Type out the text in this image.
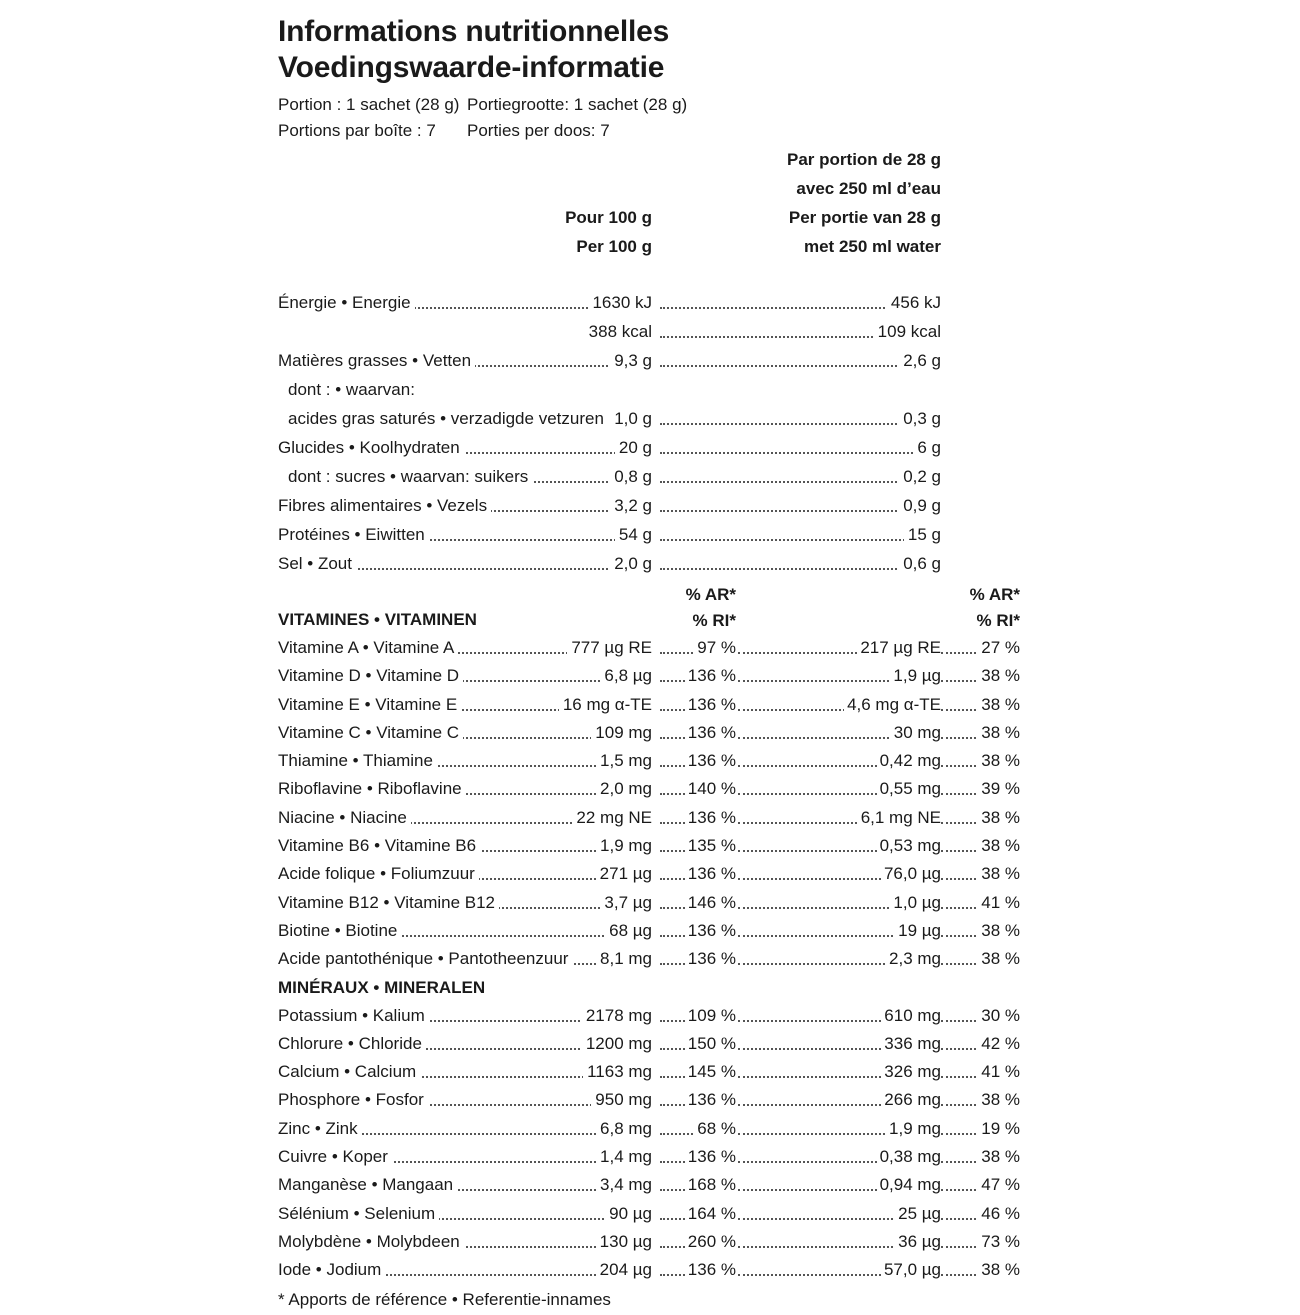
Informations nutritionnelles
Voedingswaarde-informatie
Portion : 1 sachet (28 g) Portiegrootte: 1 sachet (28 g)
Portions par boîte : 7 Porties per doos: 7
Par portion de 28 g
avec 250 ml d’eau
Per portie van 28 g
met 250 ml water
Pour 100 g
Per 100 g
Énergie • Energie	1630 kJ	456 kJ
388 kcal	109 kcal
Matières grasses • Vetten	9,3 g	2,6 g
dont : • waarvan:
acides gras saturés • verzadigde vetzuren 1,0 g	0,3 g
Glucides • Koolhydraten	20 g	6 g
dont : sucres • waarvan: suikers	0,8 g	0,2 g
Fibres alimentaires • Vezels	3,2 g	0,9 g
Protéines • Eiwitten	54 g	15 g
Sel • Zout	2,0 g	0,6 g
VITAMINES • VITAMINEN
% AR*
% RI*
% AR*
% RI*
Vitamine A • Vitamine A	777 µg RE	97 %	217 µg RE	27 %
Vitamine D • Vitamine D	6,8 µg	136 %	1,9 µg	38 %
Vitamine E • Vitamine E	16 mg α-TE	136 %	4,6 mg α-TE	38 %
Vitamine C • Vitamine C	109 mg	136 %	30 mg	38 %
Thiamine • Thiamine	1,5 mg	136 %	0,42 mg	38 %
Riboflavine • Riboflavine	2,0 mg	140 %	0,55 mg	39 %
Niacine • Niacine	22 mg NE	136 %	6,1 mg NE	38 %
Vitamine B6 • Vitamine B6	1,9 mg	135 %	0,53 mg	38 %
Acide folique • Foliumzuur	271 µg	136 %	76,0 µg	38 %
Vitamine B12 • Vitamine B12	3,7 µg	146 %	1,0 µg	41 %
Biotine • Biotine	68 µg	136 %	19 µg	38 %
Acide pantothénique • Pantotheenzuur	8,1 mg	136 %	2,3 mg	38 %
MINÉRAUX • MINERALEN
Potassium • Kalium	2178 mg	109 %	610 mg	30 %
Chlorure • Chloride	1200 mg	150 %	336 mg	42 %
Calcium • Calcium	1163 mg	145 %	326 mg	41 %
Phosphore • Fosfor	950 mg	136 %	266 mg	38 %
Zinc • Zink	6,8 mg	68 %	1,9 mg	19 %
Cuivre • Koper	1,4 mg	136 %	0,38 mg	38 %
Manganèse • Mangaan	3,4 mg	168 %	0,94 mg	47 %
Sélénium • Selenium	90 µg	164 %	25 µg	46 %
Molybdène • Molybdeen	130 µg	260 %	36 µg	73 %
Iode • Jodium	204 µg	136 %	57,0 µg	38 %
* Apports de référence • Referentie-innames
